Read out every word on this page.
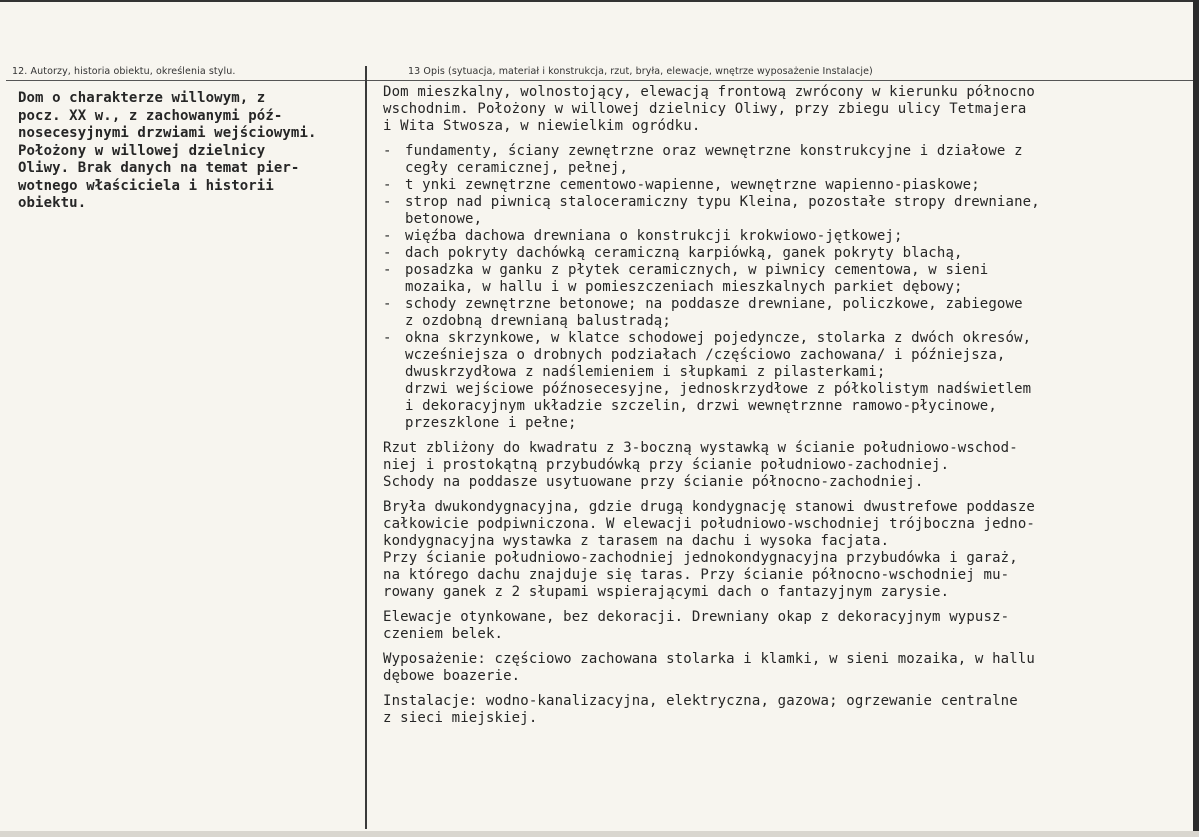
12. Autorzy, historia obiektu, określenia stylu.	13 Opis (sytuacja, materiał i konstrukcja, rzut, bryła, elewacje, wnętrze wyposażenie Instalacje)
Dom o charakterze willowym, z
pocz. XX w., z zachowanymi póź-
nosecesyjnymi drzwiami wejściowymi.
Położony w willowej dzielnicy
Oliwy. Brak danych na temat pier-
wotnego właściciela i historii
obiektu.
Dom mieszkalny, wolnostojący, elewacją frontową zwrócony w kierunku północno
wschodnim. Położony w willowej dzielnicy Oliwy, przy zbiegu ulicy Tetmajera
i Wita Stwosza, w niewielkim ogródku.
- fundamenty, ściany zewnętrzne oraz wewnętrzne konstrukcyjne i działowe z
cegły ceramicznej, pełnej,
- t ynki zewnętrzne cementowo-wapienne, wewnętrzne wapienno-piaskowe;
- strop nad piwnicą staloceramiczny typu Kleina, pozostałe stropy drewniane,
betonowe,
- więźba dachowa drewniana o konstrukcji krokwiowo-jętkowej;
- dach pokryty dachówką ceramiczną karpiówką, ganek pokryty blachą,
- posadzka w ganku z płytek ceramicznych, w piwnicy cementowa, w sieni
mozaika, w hallu i w pomieszczeniach mieszkalnych parkiet dębowy;
- schody zewnętrzne betonowe; na poddasze drewniane, policzkowe, zabiegowe
z ozdobną drewnianą balustradą;
- okna skrzynkowe, w klatce schodowej pojedyncze, stolarka z dwóch okresów,
wcześniejsza o drobnych podziałach /częściowo zachowana/ i późniejsza,
dwuskrzydłowa z nadślemieniem i słupkami z pilasterkami;
drzwi wejściowe późnosecesyjne, jednoskrzydłowe z półkolistym nadświetlem
i dekoracyjnym układzie szczelin, drzwi wewnętrznne ramowo-płycinowe,
przeszklone i pełne;
Rzut zbliżony do kwadratu z 3-boczną wystawką w ścianie południowo-wschod-
niej i prostokątną przybudówką przy ścianie południowo-zachodniej.
Schody na poddasze usytuowane przy ścianie północno-zachodniej.
Bryła dwukondygnacyjna, gdzie drugą kondygnację stanowi dwustrefowe poddasze
całkowicie podpiwniczona. W elewacji południowo-wschodniej trójboczna jedno-
kondygnacyjna wystawka z tarasem na dachu i wysoka facjata.
Przy ścianie południowo-zachodniej jednokondygnacyjna przybudówka i garaż,
na którego dachu znajduje się taras. Przy ścianie północno-wschodniej mu-
rowany ganek z 2 słupami wspierającymi dach o fantazyjnym zarysie.
Elewacje otynkowane, bez dekoracji. Drewniany okap z dekoracyjnym wypusz-
czeniem belek.
Wyposażenie: częściowo zachowana stolarka i klamki, w sieni mozaika, w hallu
dębowe boazerie.
Instalacje: wodno-kanalizacyjna, elektryczna, gazowa; ogrzewanie centralne
z sieci miejskiej.
